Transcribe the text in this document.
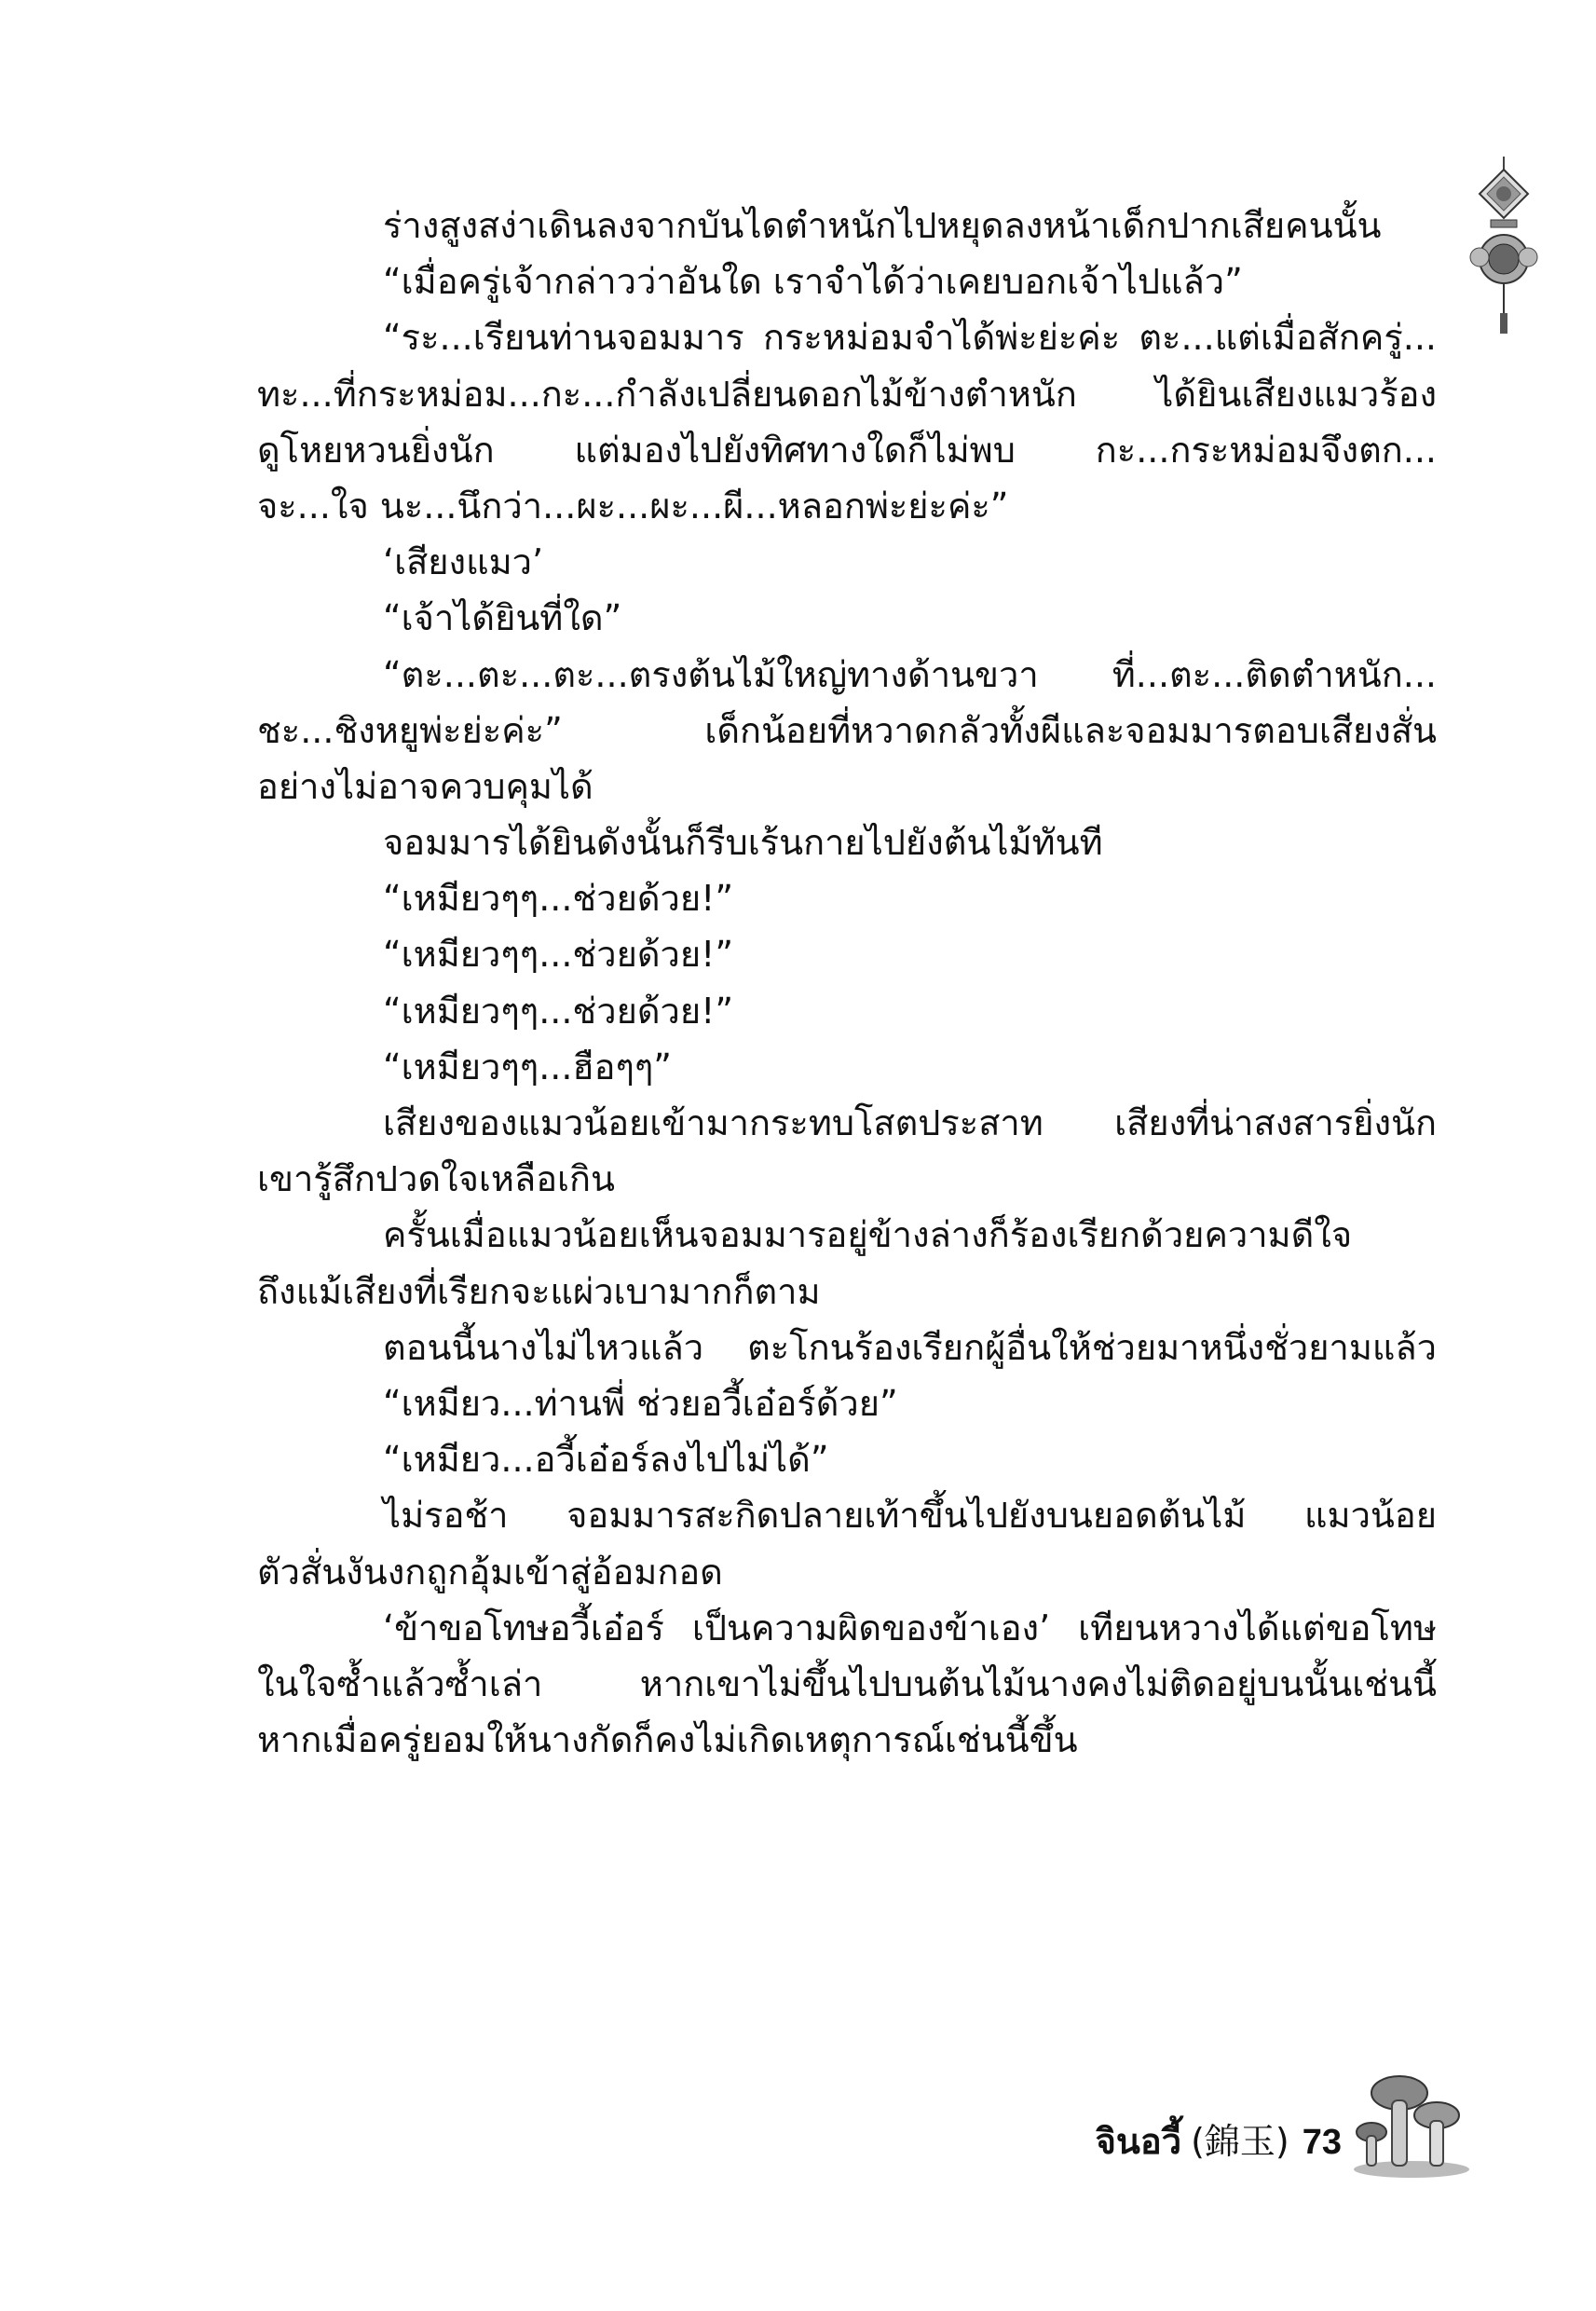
ร่างสูงสง่าเดินลงจากบันไดตำหนักไปหยุดลงหน้าเด็กปากเสียคนนั้น
“เมื่อครู่เจ้ากล่าวว่าอันใด เราจำได้ว่าเคยบอกเจ้าไปแล้ว”
“ระ...เรียนท่านจอมมาร กระหม่อมจำได้พ่ะย่ะค่ะ ตะ...แต่เมื่อสักครู่...
ทะ...ที่กระหม่อม...กะ...กำลังเปลี่ยนดอกไม้ข้างตำหนัก ได้ยินเสียงแมวร้อง
ดูโหยหวนยิ่งนัก แต่มองไปยังทิศทางใดก็ไม่พบ กะ...กระหม่อมจึงตก...
จะ...ใจ นะ...นึกว่า...ผะ...ผะ...ผี...หลอกพ่ะย่ะค่ะ”
‘เสียงแมว’
“เจ้าได้ยินที่ใด”
“ตะ...ตะ...ตะ...ตรงต้นไม้ใหญ่ทางด้านขวา ที่...ตะ...ติดตำหนัก...
ชะ...ชิงหยูพ่ะย่ะค่ะ” เด็กน้อยที่หวาดกลัวทั้งผีและจอมมารตอบเสียงสั่น
อย่างไม่อาจควบคุมได้
จอมมารได้ยินดังนั้นก็รีบเร้นกายไปยังต้นไม้ทันที
“เหมียวๆๆ...ช่วยด้วย!”
“เหมียวๆๆ...ช่วยด้วย!”
“เหมียวๆๆ...ช่วยด้วย!”
“เหมียวๆๆ...ฮือๆๆ”
เสียงของแมวน้อยเข้ามากระทบโสตประสาท เสียงที่น่าสงสารยิ่งนัก
เขารู้สึกปวดใจเหลือเกิน
ครั้นเมื่อแมวน้อยเห็นจอมมารอยู่ข้างล่างก็ร้องเรียกด้วยความดีใจ
ถึงแม้เสียงที่เรียกจะแผ่วเบามากก็ตาม
ตอนนี้นางไม่ไหวแล้ว ตะโกนร้องเรียกผู้อื่นให้ช่วยมาหนึ่งชั่วยามแล้ว
“เหมียว...ท่านพี่ ช่วยอวี้เอ๋อร์ด้วย”
“เหมียว...อวี้เอ๋อร์ลงไปไม่ได้”
ไม่รอช้า จอมมารสะกิดปลายเท้าขึ้นไปยังบนยอดต้นไม้ แมวน้อย
ตัวสั่นงันงกถูกอุ้มเข้าสู่อ้อมกอด
‘ข้าขอโทษอวี้เอ๋อร์ เป็นความผิดของข้าเอง’ เทียนหวางได้แต่ขอโทษ
ในใจซ้ำแล้วซ้ำเล่า หากเขาไม่ขึ้นไปบนต้นไม้นางคงไม่ติดอยู่บนนั้นเช่นนี้
หากเมื่อครู่ยอมให้นางกัดก็คงไม่เกิดเหตุการณ์เช่นนี้ขึ้น
จินอวี้ (錦玉) 73
